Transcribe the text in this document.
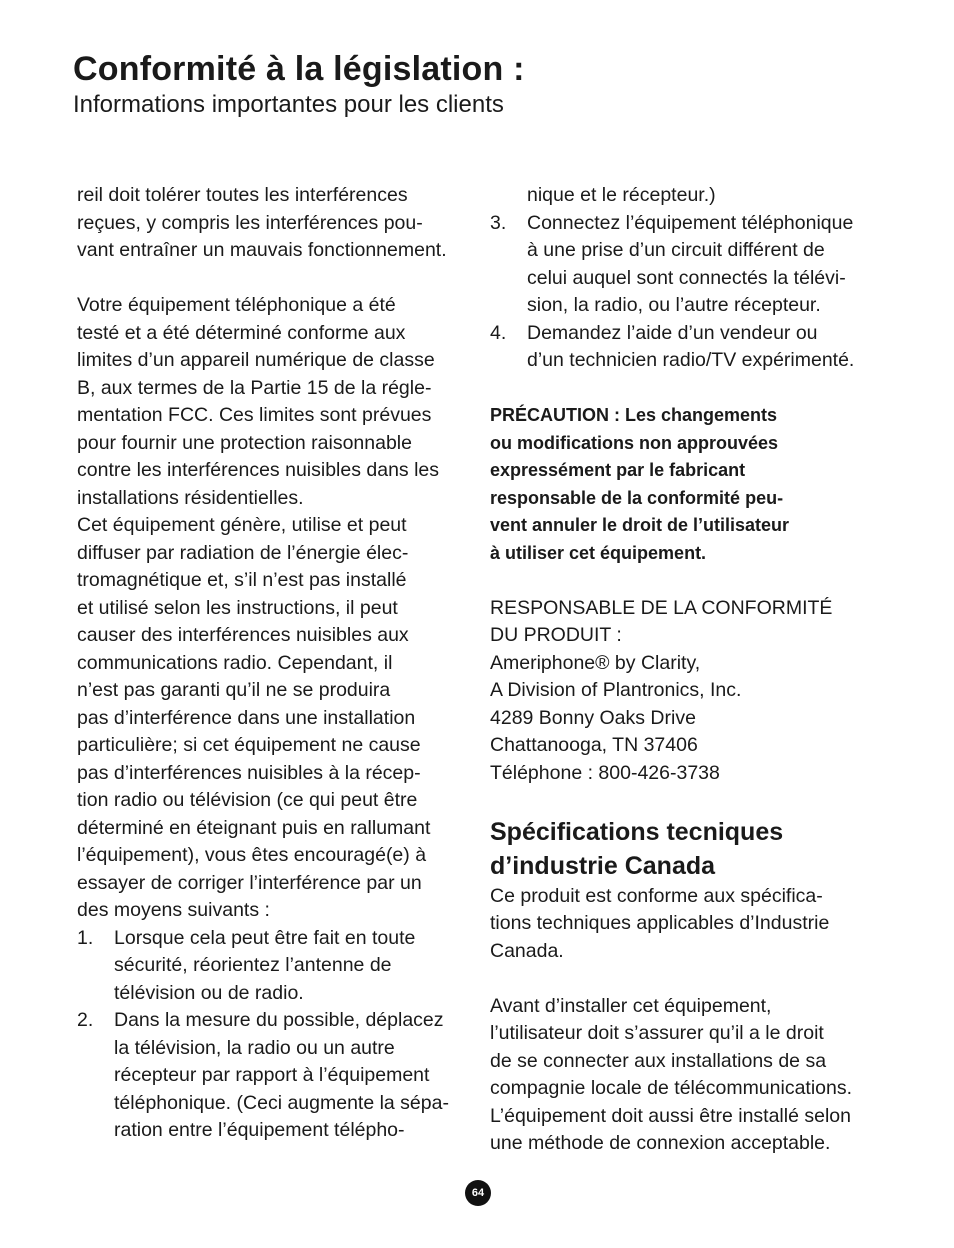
Conformité à la législation :
Informations importantes pour les clients
reil doit tolérer toutes les interférences
reçues, y compris les interférences pou-
vant entraîner un mauvais fonctionnement.
Votre équipement téléphonique a été
testé et a été déterminé conforme aux
limites d’un appareil numérique de classe
B, aux termes de la Partie 15 de la régle-
mentation FCC. Ces limites sont prévues
pour fournir une protection raisonnable
contre les interférences nuisibles dans les
installations résidentielles.
Cet équipement génère, utilise et peut
diffuser par radiation de l’énergie élec-
tromagnétique et, s’il n’est pas installé
et utilisé selon les instructions, il peut
causer des interférences nuisibles aux
communications radio. Cependant, il
n’est pas garanti qu’il ne se produira
pas d’interférence dans une installation
particulière; si cet équipement ne cause
pas d’interférences nuisibles à la récep-
tion radio ou télévision (ce qui peut être
déterminé en éteignant puis en rallumant
l’équipement), vous êtes encouragé(e) à
essayer de corriger l’interférence par un
des moyens suivants :
1. Lorsque cela peut être fait en toute
sécurité, réorientez l’antenne de
télévision ou de radio.
2. Dans la mesure du possible, déplacez
la télévision, la radio ou un autre
récepteur par rapport à l’équipement
téléphonique. (Ceci augmente la sépa-
ration entre l’équipement télépho-
nique et le récepteur.)
3. Connectez l’équipement téléphonique
à une prise d’un circuit différent de
celui auquel sont connectés la télévi-
sion, la radio, ou l’autre récepteur.
4. Demandez l’aide d’un vendeur ou
d’un technicien radio/TV expérimenté.
PRÉCAUTION : Les changements
ou modifications non approuvées
expressément par le fabricant
responsable de la conformité peu-
vent annuler le droit de l’utilisateur
à utiliser cet équipement.
RESPONSABLE DE LA CONFORMITÉ
DU PRODUIT :
Ameriphone® by Clarity,
A Division of Plantronics, Inc.
4289 Bonny Oaks Drive
Chattanooga, TN 37406
Téléphone : 800-426-3738
Spécifications tecniques
d’industrie Canada
Ce produit est conforme aux spécifica-
tions techniques applicables d’Industrie
Canada.
Avant d’installer cet équipement,
l’utilisateur doit s’assurer qu’il a le droit
de se connecter aux installations de sa
compagnie locale de télécommunications.
L’équipement doit aussi être installé selon
une méthode de connexion acceptable.
64
